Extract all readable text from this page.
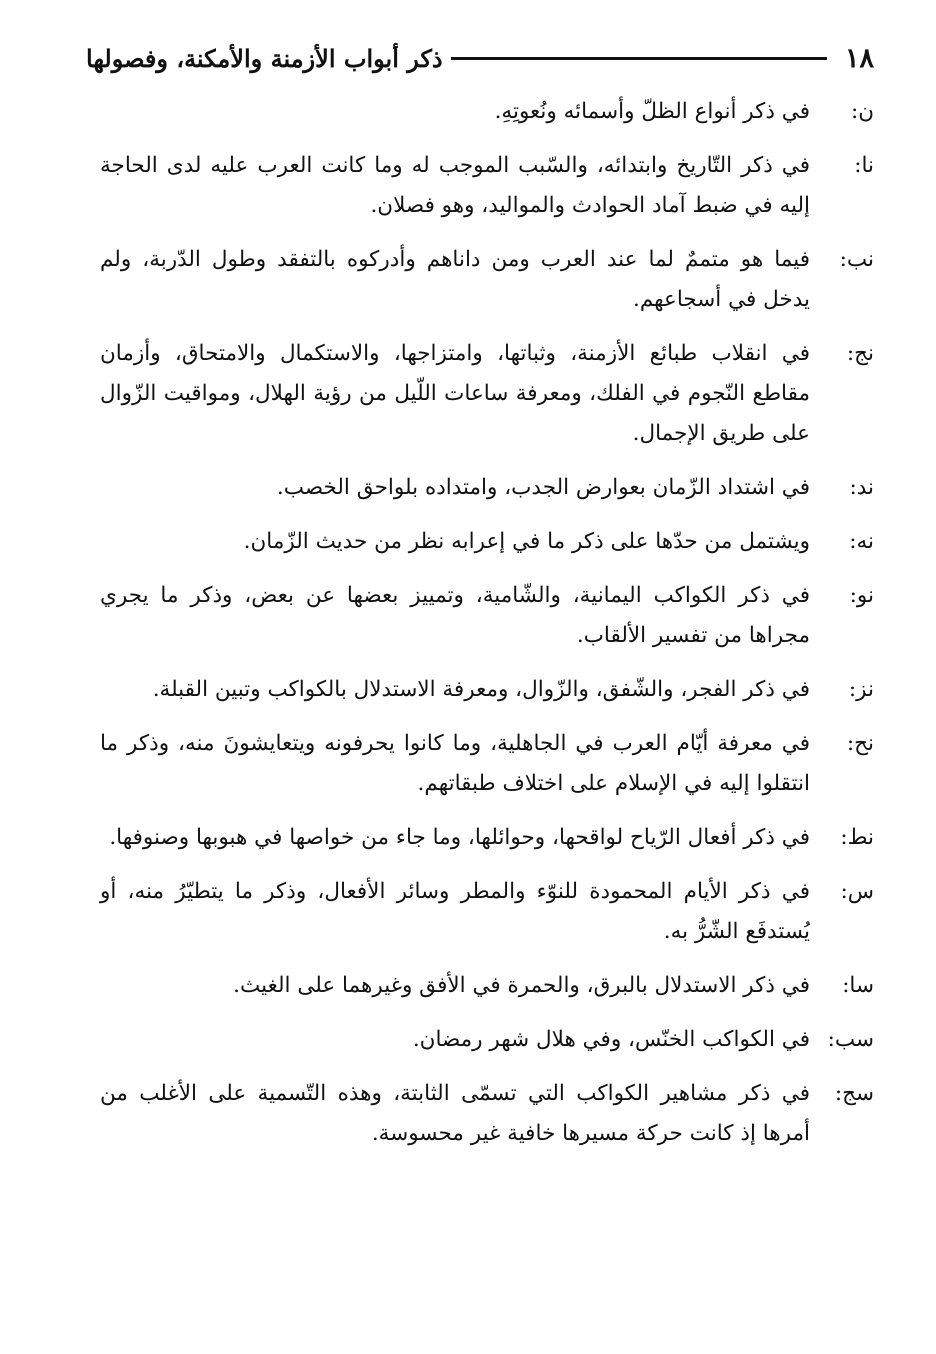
١٨
ذكر أبواب الأزمنة والأمكنة، وفصولها
ن:
في ذكر أنواع الظلّ وأسمائه ونُعوتِهِ.
نا:
في ذكر التّاريخ وابتدائه، والسّبب الموجب له وما كانت العرب عليه لدى الحاجة إليه في ضبط آماد الحوادث والمواليد، وهو فصلان.
نب:
فيما هو متممٌ لما عند العرب ومن داناهم وأدركوه بالتفقد وطول الدّربة، ولم يدخل في أسجاعهم.
نج:
في انقلاب طبائع الأزمنة، وثباتها، وامتزاجها، والاستكمال والامتحاق، وأزمان مقاطع النّجوم في الفلك، ومعرفة ساعات اللّيل من رؤية الهلال، ومواقيت الزّوال على طريق الإجمال.
ند:
في اشتداد الزّمان بعوارض الجدب، وامتداده بلواحق الخصب.
نه:
ويشتمل من حدّها على ذكر ما في إعرابه نظر من حديث الزّمان.
نو:
في ذكر الكواكب اليمانية، والشّامية، وتمييز بعضها عن بعض، وذكر ما يجري مجراها من تفسير الألقاب.
نز:
في ذكر الفجر، والشّفق، والزّوال، ومعرفة الاستدلال بالكواكب وتبين القبلة.
نح:
في معرفة أيّام العرب في الجاهلية، وما كانوا يحرفونه ويتعايشونَ منه، وذكر ما انتقلوا إليه في الإسلام على اختلاف طبقاتهم.
نط:
في ذكر أفعال الرّياح لواقحها، وحوائلها، وما جاء من خواصها في هبوبها وصنوفها.
س:
في ذكر الأيام المحمودة للنوّء والمطر وسائر الأفعال، وذكر ما يتطيّرُ منه، أو يُستدفَع الشّرُّ به.
سا:
في ذكر الاستدلال بالبرق، والحمرة في الأفق وغيرهما على الغيث.
سب:
في الكواكب الخنّس، وفي هلال شهر رمضان.
سج:
في ذكر مشاهير الكواكب التي تسمّى الثابتة، وهذه التّسمية على الأغلب من أمرها إذ كانت حركة مسيرها خافية غير محسوسة.
